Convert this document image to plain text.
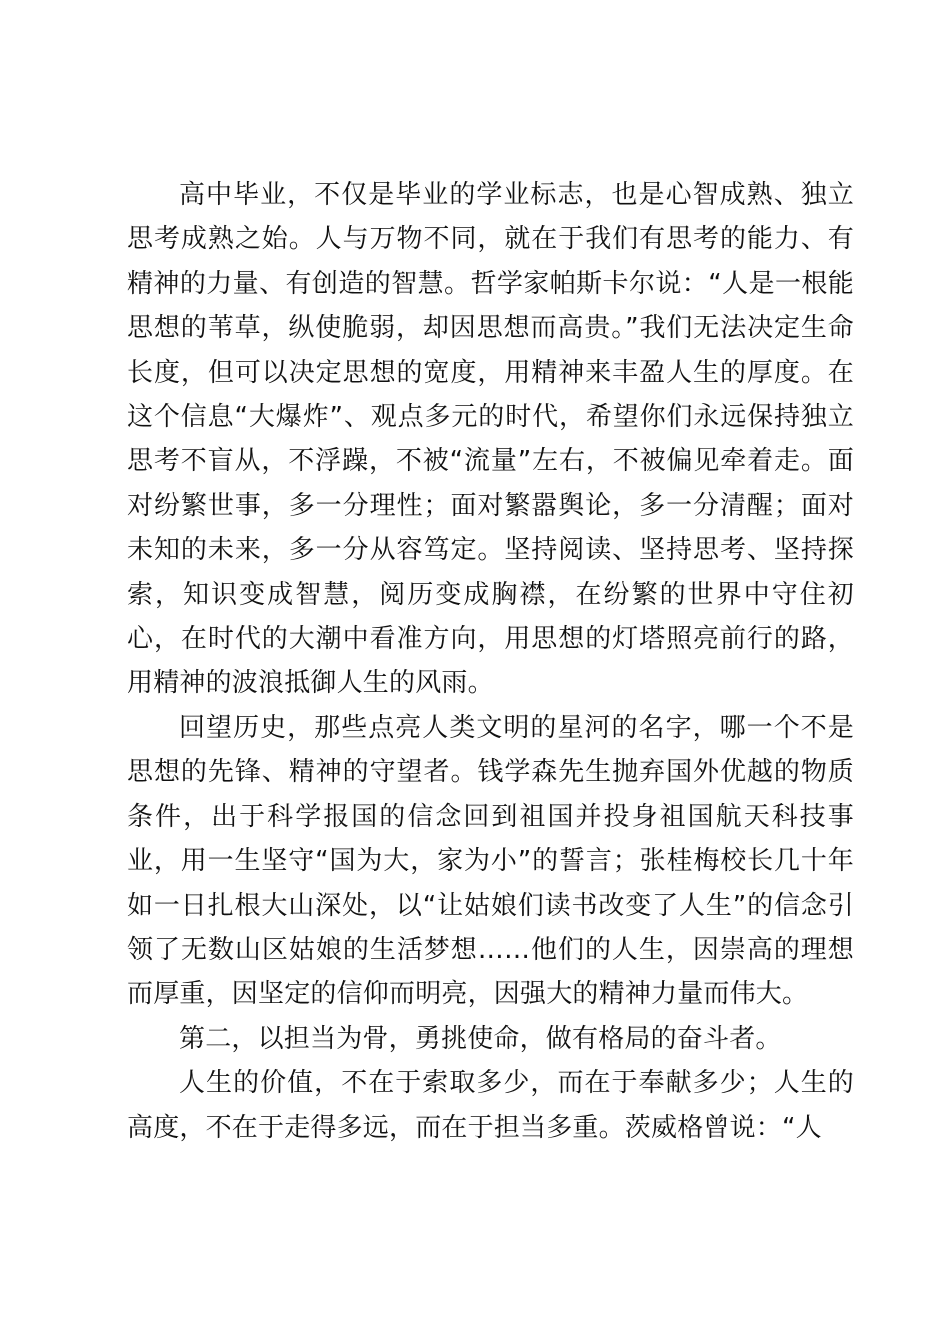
高中毕业，不仅是毕业的学业标志，也是心智成熟、独立思考成熟之始。人与万物不同，就在于我们有思考的能力、有精神的力量、有创造的智慧。哲学家帕斯卡尔说：“人是一根能思想的苇草，纵使脆弱，却因思想而高贵。”我们无法决定生命长度，但可以决定思想的宽度，用精神来丰盈人生的厚度。在这个信息“大爆炸”、观点多元的时代，希望你们永远保持独立思考不盲从，不浮躁，不被“流量”左右，不被偏见牵着走。面对纷繁世事，多一分理性；面对繁嚣舆论，多一分清醒；面对未知的未来，多一分从容笃定。坚持阅读、坚持思考、坚持探索，知识变成智慧，阅历变成胸襟，在纷繁的世界中守住初心，在时代的大潮中看准方向，用思想的灯塔照亮前行的路，用精神的波浪抵御人生的风雨。

回望历史，那些点亮人类文明的星河的名字，哪一个不是思想的先锋、精神的守望者。钱学森先生抛弃国外优越的物质条件，出于科学报国的信念回到祖国并投身祖国航天科技事业，用一生坚守“国为大，家为小”的誓言；张桂梅校长几十年如一日扎根大山深处，以“让姑娘们读书改变了人生”的信念引领了无数山区姑娘的生活梦想……他们的人生，因崇高的理想而厚重，因坚定的信仰而明亮，因强大的精神力量而伟大。

第二，以担当为骨，勇挑使命，做有格局的奋斗者。

人生的价值，不在于索取多少，而在于奉献多少；人生的高度，不在于走得多远，而在于担当多重。茨威格曾说：“人
